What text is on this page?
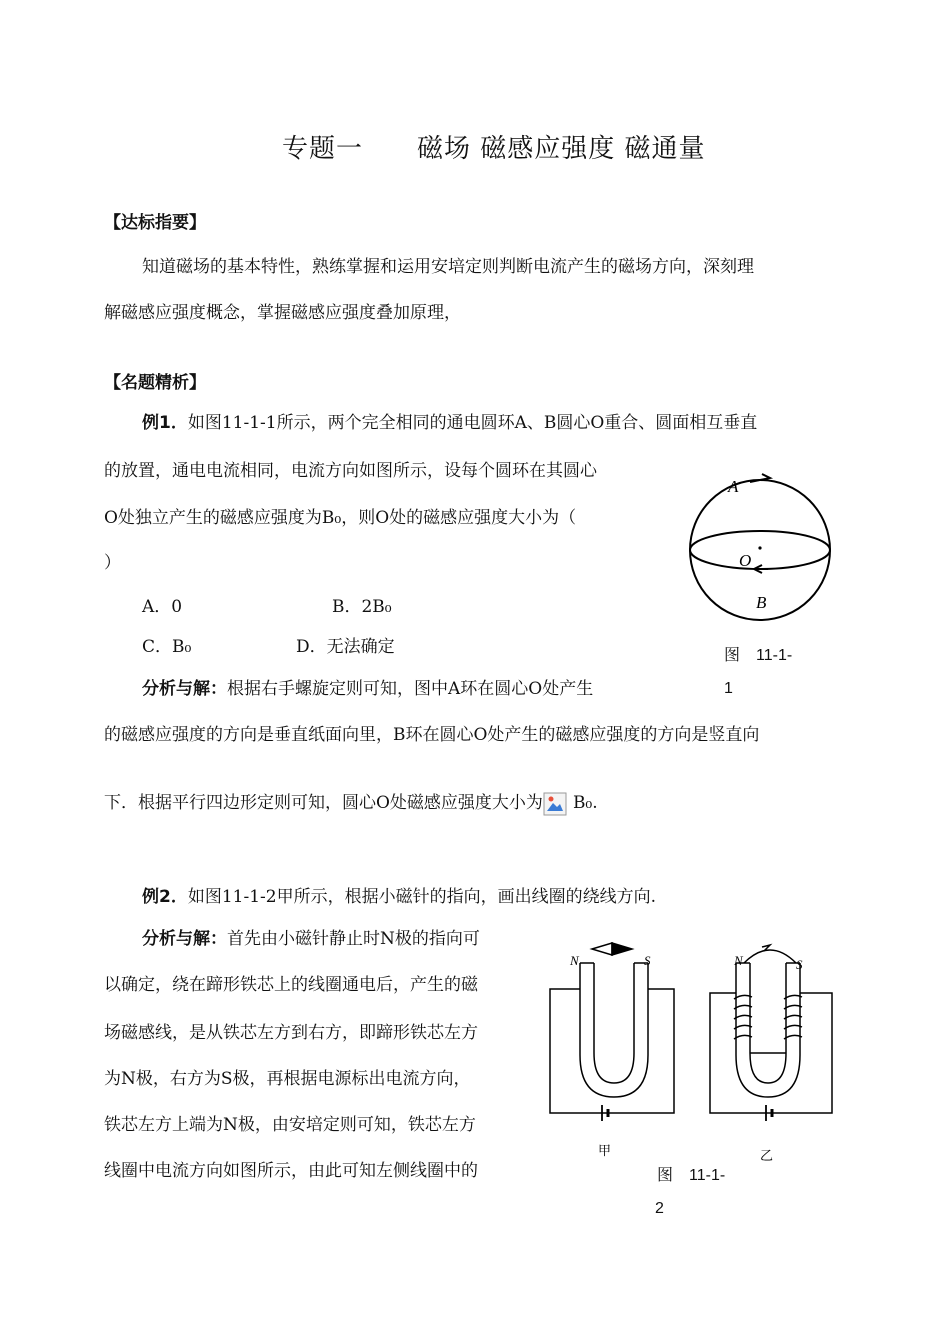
专题一　　磁场 磁感应强度 磁通量
【达标指要】
知道磁场的基本特性，熟练掌握和运用安培定则判断电流产生的磁场方向，深刻理
解磁感应强度概念，掌握磁感应强度叠加原理，
【名题精析】
例1．如图11-1-1所示，两个完全相同的通电圆环A、B圆心O重合、圆面相互垂直
的放置，通电电流相同，电流方向如图所示，设每个圆环在其圆心
O处独立产生的磁感应强度为B₀，则O处的磁感应强度大小为（
）
A．0	B．2B₀
C．B₀	D．无法确定
A
O
B
图　11-1-
1
分析与解：根据右手螺旋定则可知，图中A环在圆心O处产生
的磁感应强度的方向是垂直纸面向里，B环在圆心O处产生的磁感应强度的方向是竖直向
下．根据平行四边形定则可知，圆心O处磁感应强度大小为 B₀.
例2．如图11-1-2甲所示，根据小磁针的指向，画出线圈的绕线方向.
分析与解：首先由小磁针静止时N极的指向可
以确定，绕在蹄形铁芯上的线圈通电后，产生的磁
场磁感线，是从铁芯左方到右方，即蹄形铁芯左方
为N极，右方为S极，再根据电源标出电流方向，
铁芯左方上端为N极，由安培定则可知，铁芯左方
线圈中电流方向如图所示，由此可知左侧线圈中的
N	S
甲
N	S
乙
图　11-1-
2
